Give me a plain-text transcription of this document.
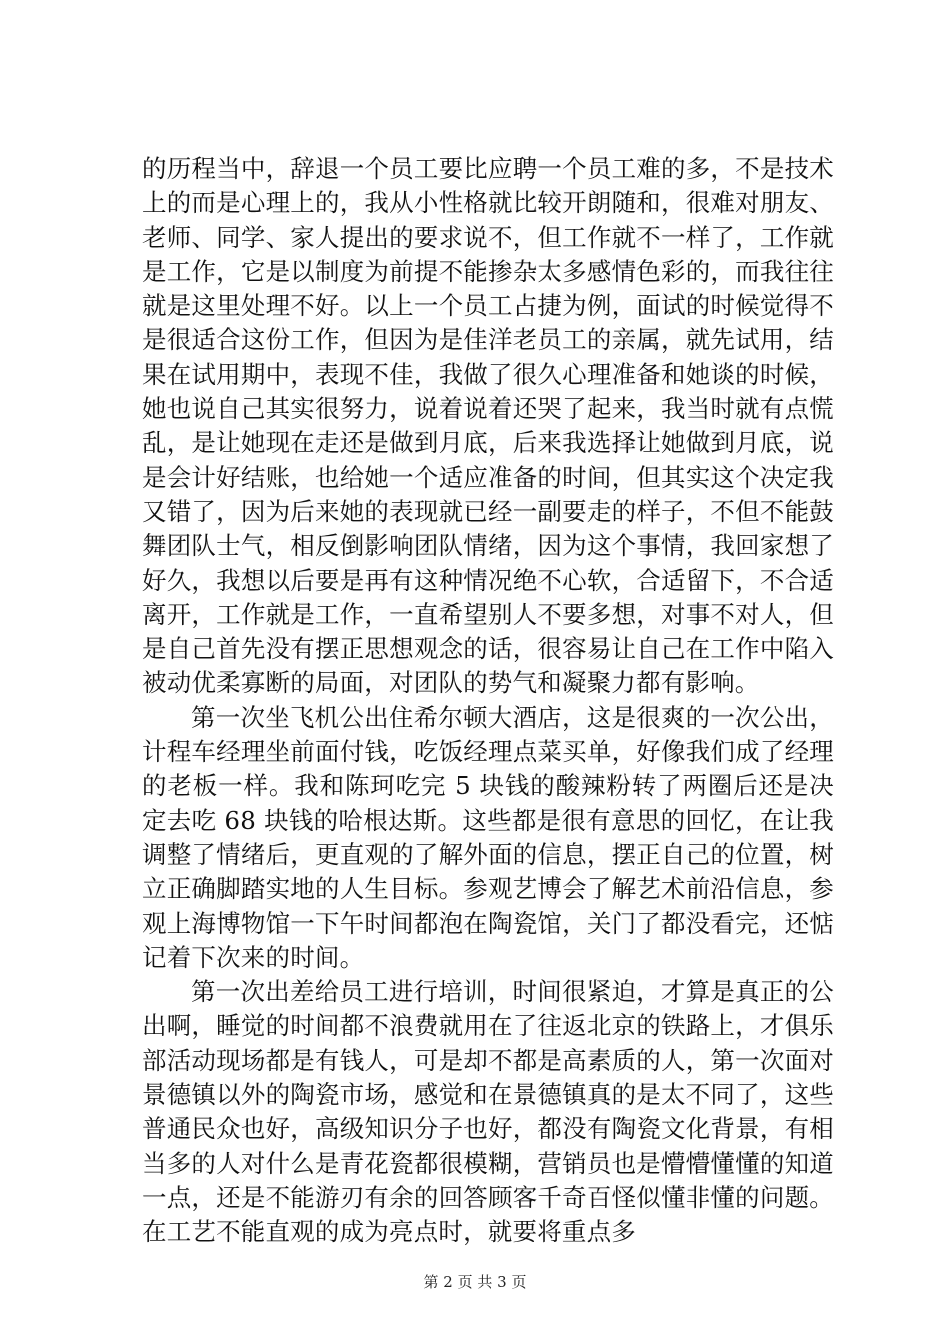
的历程当中，辞退一个员工要比应聘一个员工难的多，不是技术上的而是心理上的，我从小性格就比较开朗随和，很难对朋友、老师、同学、家人提出的要求说不，但工作就不一样了，工作就是工作，它是以制度为前提不能掺杂太多感情色彩的，而我往往就是这里处理不好。以上一个员工占捷为例，面试的时候觉得不是很适合这份工作，但因为是佳洋老员工的亲属，就先试用，结果在试用期中，表现不佳，我做了很久心理准备和她谈的时候，她也说自己其实很努力，说着说着还哭了起来，我当时就有点慌乱，是让她现在走还是做到月底，后来我选择让她做到月底，说是会计好结账，也给她一个适应准备的时间，但其实这个决定我又错了，因为后来她的表现就已经一副要走的样子，不但不能鼓舞团队士气，相反倒影响团队情绪，因为这个事情，我回家想了好久，我想以后要是再有这种情况绝不心软，合适留下，不合适离开，工作就是工作，一直希望别人不要多想，对事不对人，但是自己首先没有摆正思想观念的话，很容易让自己在工作中陷入被动优柔寡断的局面，对团队的势气和凝聚力都有影响。

第一次坐飞机公出住希尔顿大酒店，这是很爽的一次公出，计程车经理坐前面付钱，吃饭经理点菜买单，好像我们成了经理的老板一样。我和陈珂吃完 5 块钱的酸辣粉转了两圈后还是决定去吃 68 块钱的哈根达斯。这些都是很有意思的回忆，在让我调整了情绪后，更直观的了解外面的信息，摆正自己的位置，树立正确脚踏实地的人生目标。参观艺博会了解艺术前沿信息，参观上海博物馆一下午时间都泡在陶瓷馆，关门了都没看完，还惦记着下次来的时间。

第一次出差给员工进行培训，时间很紧迫，才算是真正的公出啊，睡觉的时间都不浪费就用在了往返北京的铁路上，才俱乐部活动现场都是有钱人，可是却不都是高素质的人，第一次面对景德镇以外的陶瓷市场，感觉和在景德镇真的是太不同了，这些普通民众也好，高级知识分子也好，都没有陶瓷文化背景，有相当多的人对什么是青花瓷都很模糊，营销员也是懵懵懂懂的知道一点，还是不能游刃有余的回答顾客千奇百怪似懂非懂的问题。在工艺不能直观的成为亮点时，就要将重点多

第 2 页 共 3 页
